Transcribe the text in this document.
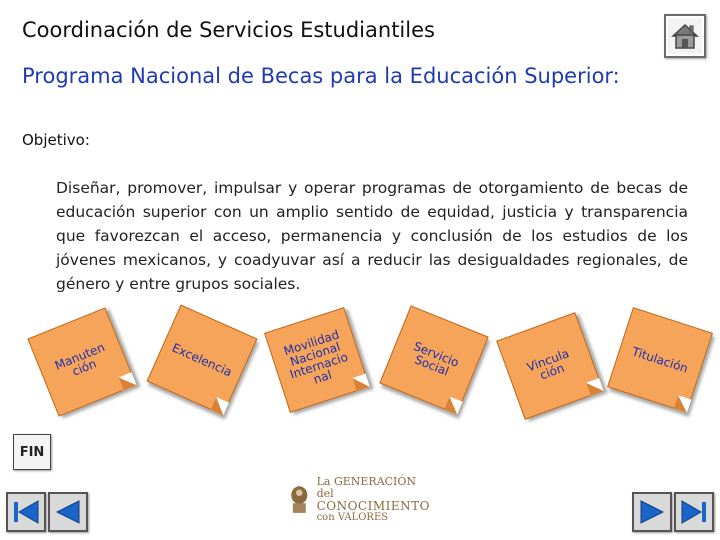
Coordinación de Servicios Estudiantiles
Programa Nacional de Becas para la Educación Superior:
Objetivo:
Diseñar, promover, impulsar y operar programas de otorgamiento de becas de educación superior con un amplio sentido de equidad, justicia y transparencia que favorezcan el acceso, permanencia y conclusión de los estudios de los jóvenes mexicanos, y coadyuvar así a reducir las desigualdades regionales, de género y entre grupos sociales.
Manuten
ción	Excelencia	Movilidad
Nacional
Internacio
nal
Servicio
Social	Vincula
ción	Titulación
FIN
La GENERACIÓN del
CONOCIMIENTO
con VALORES
